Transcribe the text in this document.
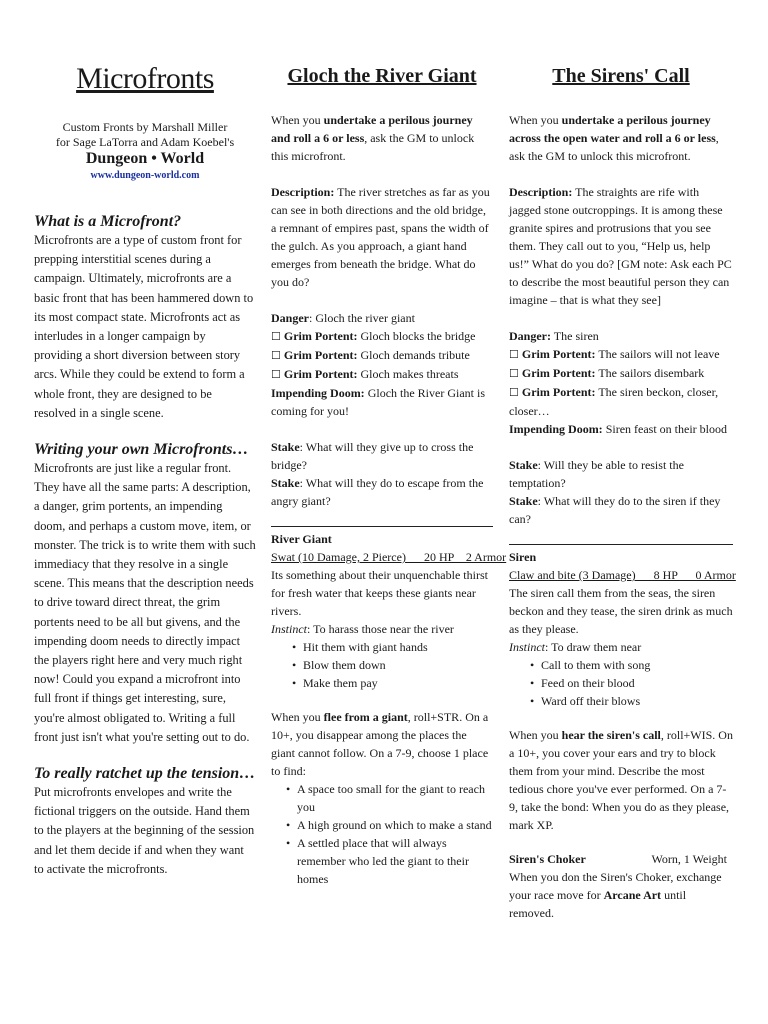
Microfronts
Custom Fronts by Marshall Miller
for Sage LaTorra and Adam Koebel's
Dungeon • World
www.dungeon-world.com
What is a Microfront?

Microfronts are a type of custom front for prepping interstitial scenes during a campaign. Ultimately, microfronts are a basic front that has been hammered down to its most compact state. Microfronts act as interludes in a longer campaign by providing a short diversion between story arcs. While they could be extend to form a whole front, they are designed to be resolved in a single scene.

Writing your own Microfronts…

Microfronts are just like a regular front. They have all the same parts: A description, a danger, grim portents, an impending doom, and perhaps a custom move, item, or monster. The trick is to write them with such immediacy that they resolve in a single scene. This means that the description needs to drive toward direct threat, the grim portents need to be all but givens, and the impending doom needs to directly impact the players right here and very much right now! Could you expand a microfront into full front if things get interesting, sure, you're almost obligated to. Writing a full front just isn't what you're setting out to do.

To really ratchet up the tension…

Put microfronts envelopes and write the fictional triggers on the outside. Hand them to the players at the beginning of the session and let them decide if and when they want to activate the microfronts.

Gloch the River Giant

When you undertake a perilous journey and roll a 6 or less, ask the GM to unlock this microfront.

Description: The river stretches as far as you can see in both directions and the old bridge, a remnant of empires past, spans the width of the gulch. As you approach, a giant hand emerges from beneath the bridge. What do you do?

Danger: Gloch the river giant
☐ Grim Portent: Gloch blocks the bridge
☐ Grim Portent: Gloch demands tribute
☐ Grim Portent: Gloch makes threats
Impending Doom: Gloch the River Giant is coming for you!
Stake: What will they give up to cross the bridge?
Stake: What will they do to escape from the angry giant?
River Giant
Swat (10 Damage, 2 Pierce)      20 HP    2 Armor
Its something about their unquenchable thirst for fresh water that keeps these giants near rivers.
Instinct: To harass those near the river
• Hit them with giant hands
• Blow them down
• Make them pay

When you flee from a giant, roll+STR. On a 10+, you disappear among the places the giant cannot follow. On a 7-9, choose 1 place to find:

• A space too small for the giant to reach you
• A high ground on which to make a stand
• A settled place that will always remember who led the giant to their homes
The Sirens' Call

When you undertake a perilous journey across the open water and roll a 6 or less, ask the GM to unlock this microfront.

Description: The straights are rife with jagged stone outcroppings. It is among these granite spires and protrusions that you see them. They call out to you, “Help us, help us!” What do you do? [GM note: Ask each PC to describe the most beautiful person they can imagine – that is what they see]

Danger: The siren
☐ Grim Portent: The sailors will not leave
☐ Grim Portent: The sailors disembark
☐ Grim Portent: The siren beckon, closer, closer…
Impending Doom: Siren feast on their blood
Stake: Will they be able to resist the temptation?
Stake: What will they do to the siren if they can?
Siren
Claw and bite (3 Damage)      8 HP      0 Armor
The siren call them from the seas, the siren beckon and they tease, the siren drink as much as they please.
Instinct: To draw them near
• Call to them with song
• Feed on their blood
• Ward off their blows

When you hear the siren's call, roll+WIS. On a 10+, you cover your ears and try to block them from your mind. Describe the most tedious chore you've ever performed. On a 7-9, take the bond: When you do as they please, mark XP.

Siren's Choker	Worn, 1 Weight
When you don the Siren's Choker, exchange your race move for Arcane Art until removed.
